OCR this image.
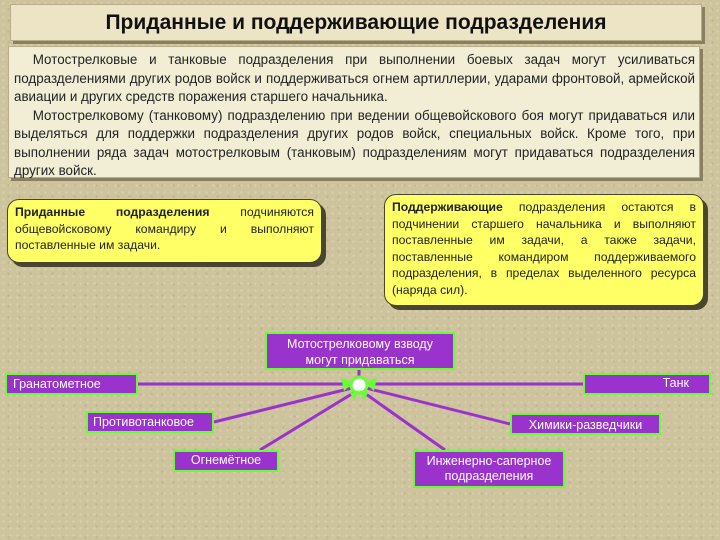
Приданные и поддерживающие подразделения

Мотострелковые и танковые подразделения при выполнении боевых задач могут усиливаться подразделениями других родов войск и поддерживаться огнем артиллерии, ударами фронтовой, армейской авиации и других средств поражения старшего начальника.

Мотострелковому (танковому) подразделению при ведении общевойскового боя могут придаваться или выделяться для поддержки подразделения других родов войск, специальных войск. Кроме того, при выполнении ряда задач мотострелковым (танковым) подразделениям могут придаваться подразделения других войск.

Приданные подразделения подчиняются общевойсковому командиру и выполняют поставленные им задачи.
Поддерживающие подразделения остаются в подчинении старшего начальника и выполняют поставленные им задачи, а также задачи, поставленные командиром поддерживаемого подразделения, в пределах выделенного ресурса (наряда сил).
Мотострелковому взводу могут придаваться
Гранатометное	Танк
Противотанковое	Химики-разведчики
Огнемётное	Инженерно-саперное подразделения
